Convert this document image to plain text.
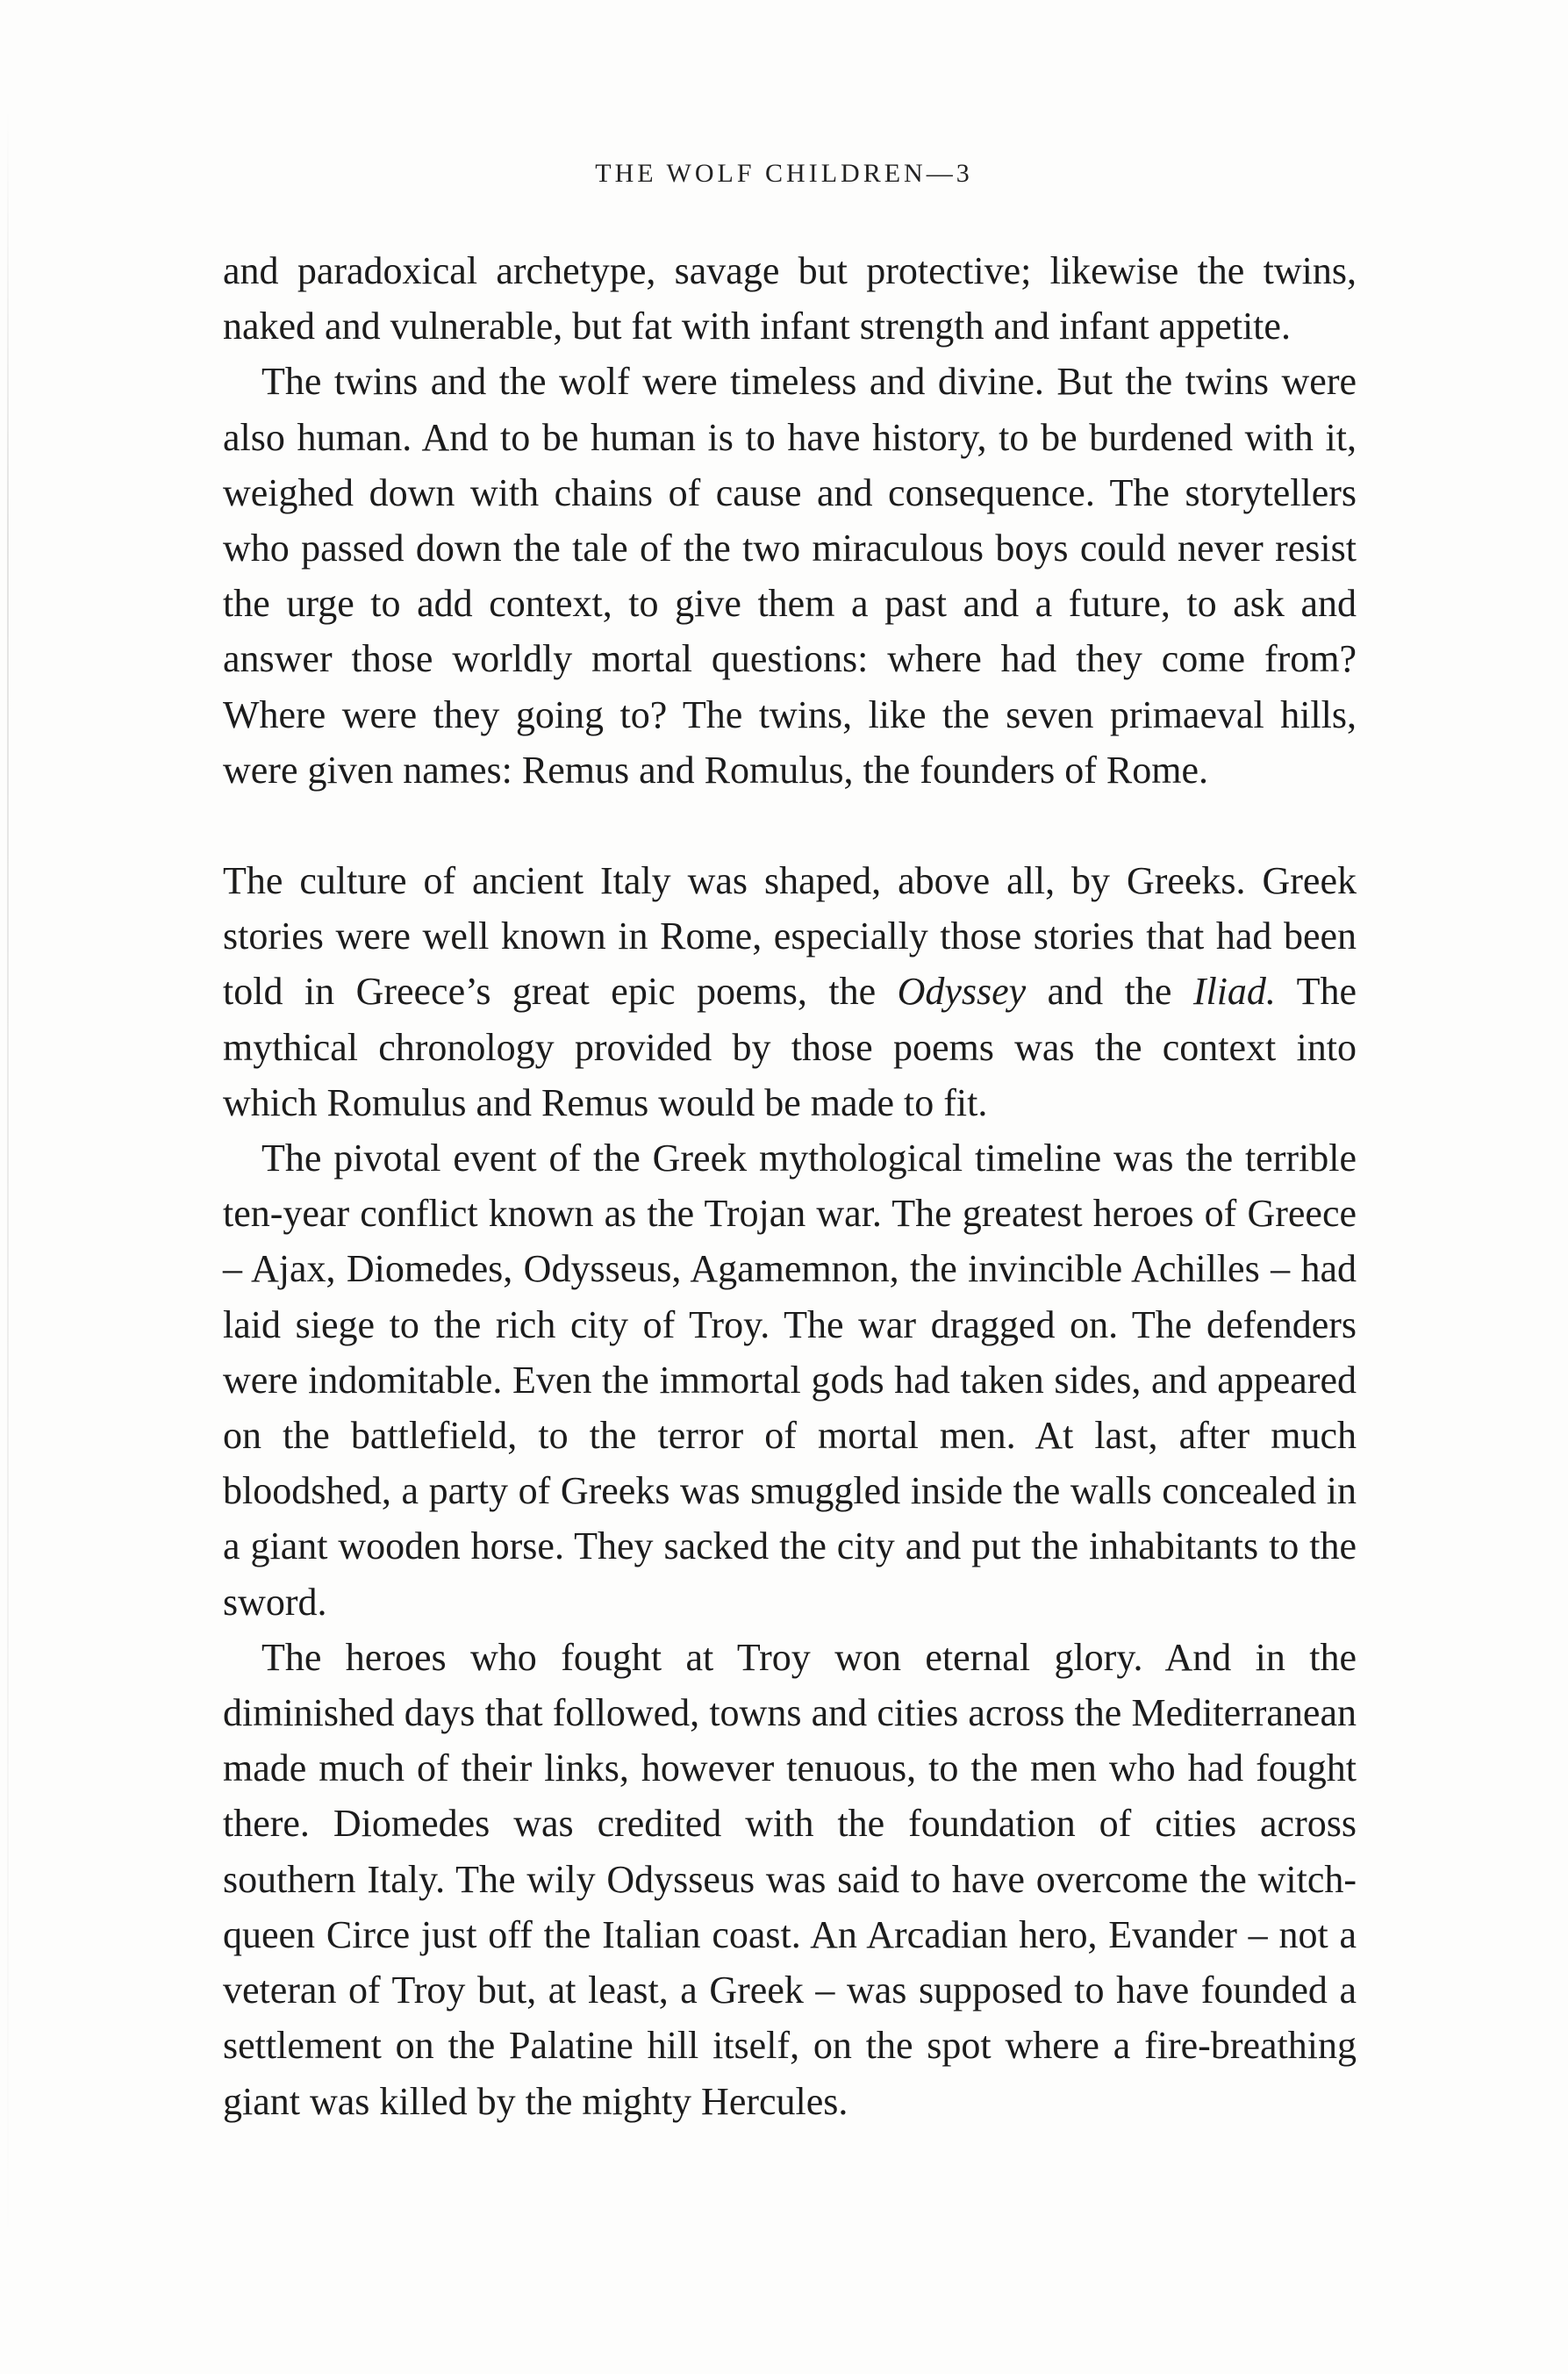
THE WOLF CHILDREN—3

and paradoxical archetype, savage but protective; likewise the twins, naked and vulnerable, but fat with infant strength and infant appetite.

The twins and the wolf were timeless and divine. But the twins were also human. And to be human is to have history, to be burdened with it, weighed down with chains of cause and consequence. The storytellers who passed down the tale of the two miraculous boys could never resist the urge to add context, to give them a past and a future, to ask and answer those worldly mortal questions: where had they come from? Where were they going to? The twins, like the seven primaeval hills, were given names: Remus and Romulus, the founders of Rome.

The culture of ancient Italy was shaped, above all, by Greeks. Greek stories were well known in Rome, especially those stories that had been told in Greece’s great epic poems, the Odyssey and the Iliad. The mythical chronology provided by those poems was the context into which Romulus and Remus would be made to fit.

The pivotal event of the Greek mythological timeline was the terrible ten-year conflict known as the Trojan war. The greatest heroes of Greece – Ajax, Diomedes, Odysseus, Agamemnon, the invincible Achilles – had laid siege to the rich city of Troy. The war dragged on. The defenders were indomitable. Even the immortal gods had taken sides, and appeared on the battlefield, to the terror of mortal men. At last, after much bloodshed, a party of Greeks was smuggled inside the walls concealed in a giant wooden horse. They sacked the city and put the inhabitants to the sword.

The heroes who fought at Troy won eternal glory. And in the diminished days that followed, towns and cities across the Mediterranean made much of their links, however tenuous, to the men who had fought there. Diomedes was credited with the foundation of cities across southern Italy. The wily Odysseus was said to have overcome the witch-queen Circe just off the Italian coast. An Arcadian hero, Evander – not a veteran of Troy but, at least, a Greek – was supposed to have founded a settlement on the Palatine hill itself, on the spot where a fire-breathing giant was killed by the mighty Hercules.
